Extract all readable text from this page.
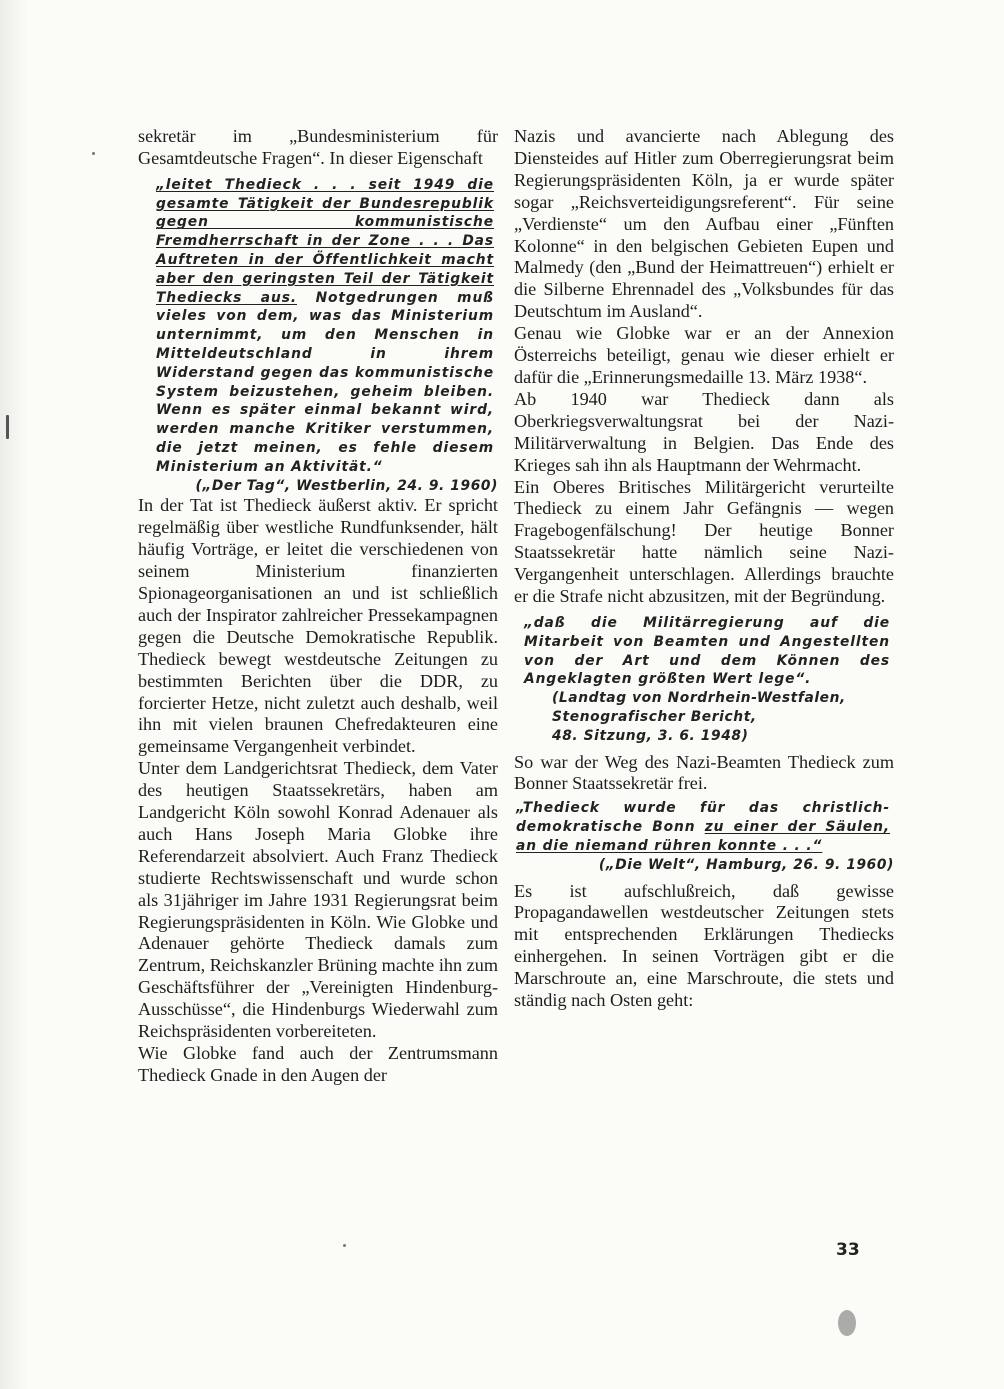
sekretär im „Bundesministerium für Gesamtdeutsche Fragen“. In dieser Eigenschaft

„leitet Thedieck . . . seit 1949 die gesamte Tätigkeit der Bundesrepublik gegen kommunistische Fremdherrschaft in der Zone . . . Das Auftreten in der Öffentlichkeit macht aber den geringsten Teil der Tätigkeit Thediecks aus. Notgedrungen muß vieles von dem, was das Ministerium unternimmt, um den Menschen in Mitteldeutschland in ihrem Widerstand gegen das kommunistische System beizustehen, geheim bleiben. Wenn es später einmal bekannt wird, werden manche Kritiker verstummen, die jetzt meinen, es fehle diesem Ministerium an Aktivität.“

(„Der Tag“, Westberlin, 24. 9. 1960)

In der Tat ist Thedieck äußerst aktiv. Er spricht regelmäßig über westliche Rundfunksender, hält häufig Vorträge, er leitet die verschiedenen von seinem Ministerium finanzierten Spionageorganisationen an und ist schließlich auch der Inspirator zahlreicher Pressekampagnen gegen die Deutsche Demokratische Republik. Thedieck bewegt westdeutsche Zeitungen zu bestimmten Berichten über die DDR, zu forcierter Hetze, nicht zuletzt auch deshalb, weil ihn mit vielen braunen Chefredakteuren eine gemeinsame Vergangenheit verbindet.

Unter dem Landgerichtsrat Thedieck, dem Vater des heutigen Staatssekretärs, haben am Landgericht Köln sowohl Konrad Adenauer als auch Hans Joseph Maria Globke ihre Referendarzeit absolviert. Auch Franz Thedieck studierte Rechtswissenschaft und wurde schon als 31jähriger im Jahre 1931 Regierungsrat beim Regierungspräsidenten in Köln. Wie Globke und Adenauer gehörte Thedieck damals zum Zentrum, Reichskanzler Brüning machte ihn zum Geschäftsführer der „Vereinigten Hindenburg-Ausschüsse“, die Hindenburgs Wiederwahl zum Reichspräsidenten vorbereiteten.

Wie Globke fand auch der Zentrumsmann Thedieck Gnade in den Augen der

Nazis und avancierte nach Ablegung des Diensteides auf Hitler zum Oberregierungsrat beim Regierungspräsidenten Köln, ja er wurde später sogar „Reichsverteidigungsreferent“. Für seine „Verdienste“ um den Aufbau einer „Fünften Kolonne“ in den belgischen Gebieten Eupen und Malmedy (den „Bund der Heimattreuen“) erhielt er die Silberne Ehrennadel des „Volksbundes für das Deutschtum im Ausland“.

Genau wie Globke war er an der Annexion Österreichs beteiligt, genau wie dieser erhielt er dafür die „Erinnerungsmedaille 13. März 1938“.

Ab 1940 war Thedieck dann als Oberkriegsverwaltungsrat bei der Nazi-Militärverwaltung in Belgien. Das Ende des Krieges sah ihn als Hauptmann der Wehrmacht.

Ein Oberes Britisches Militärgericht verurteilte Thedieck zu einem Jahr Gefängnis — wegen Fragebogenfälschung! Der heutige Bonner Staatssekretär hatte nämlich seine Nazi-Vergangenheit unterschlagen. Allerdings brauchte er die Strafe nicht abzusitzen, mit der Begründung.

„daß die Militärregierung auf die Mitarbeit von Beamten und Angestellten von der Art und dem Können des Angeklagten größten Wert lege“.

(Landtag von Nordrhein-Westfalen,

Stenografischer Bericht,

48. Sitzung, 3. 6. 1948)

So war der Weg des Nazi-Beamten Thedieck zum Bonner Staatssekretär frei.

„Thedieck wurde für das christlich-demokratische Bonn zu einer der Säulen, an die niemand rühren konnte . . .“

(„Die Welt“, Hamburg, 26. 9. 1960)

Es ist aufschlußreich, daß gewisse Propagandawellen westdeutscher Zeitungen stets mit entsprechenden Erklärungen Thediecks einhergehen. In seinen Vorträgen gibt er die Marschroute an, eine Marschroute, die stets und ständig nach Osten geht:

33
